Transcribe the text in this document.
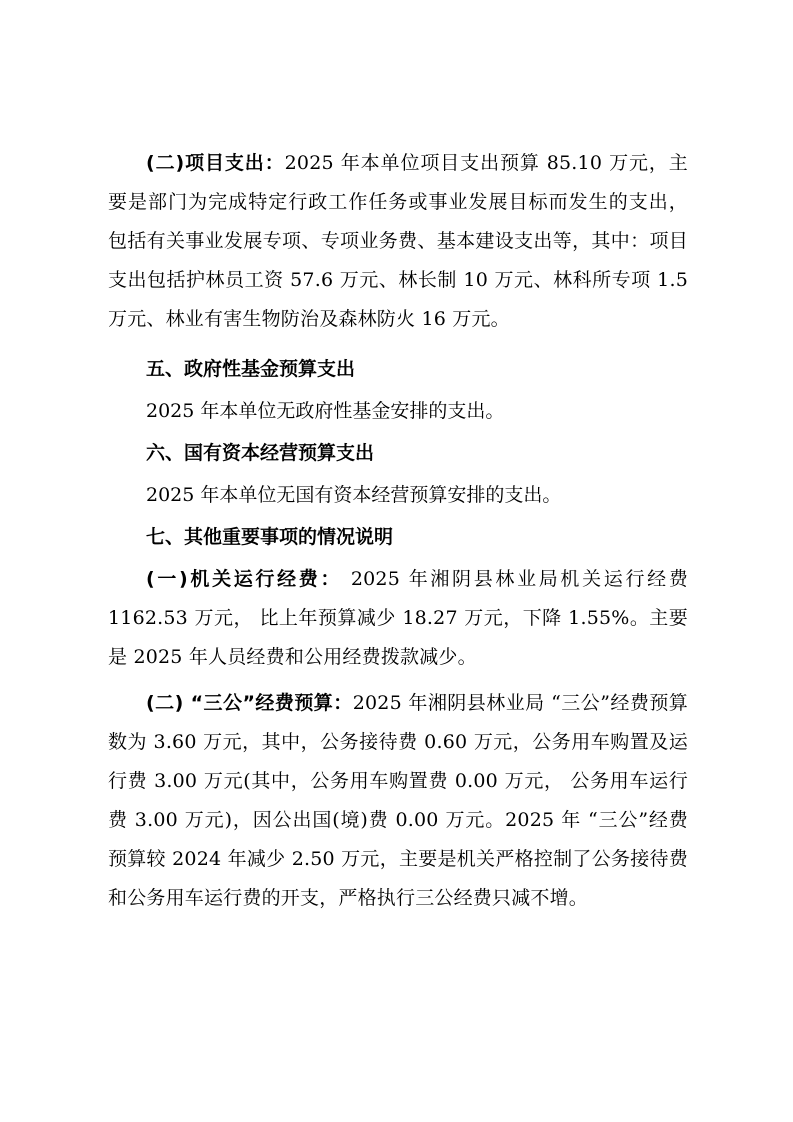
(二)项目支出：2025 年本单位项目支出预算 85.10 万元，主要是部门为完成特定行政工作任务或事业发展目标而发生的支出， 包括有关事业发展专项、专项业务费、基本建设支出等，其中：项目支出包括护林员工资 57.6 万元、林长制 10 万元、林科所专项 1.5 万元、林业有害生物防治及森林防火 16 万元。

五、政府性基金预算支出

2025 年本单位无政府性基金安排的支出。

六、国有资本经营预算支出

2025 年本单位无国有资本经营预算安排的支出。

七、其他重要事项的情况说明

(一)机关运行经费： 2025 年湘阴县林业局机关运行经费 1162.53 万元， 比上年预算减少 18.27 万元，下降 1.55%。主要是 2025 年人员经费和公用经费拨款减少。

(二) “三公”经费预算：2025 年湘阴县林业局 “三公”经费预算数为 3.60 万元，其中，公务接待费 0.60 万元，公务用车购置及运行费 3.00 万元(其中，公务用车购置费 0.00 万元， 公务用车运行费 3.00 万元)，因公出国(境)费 0.00 万元。2025 年 “三公”经费预算较 2024 年减少 2.50 万元，主要是机关严格控制了公务接待费和公务用车运行费的开支，严格执行三公经费只减不增。
